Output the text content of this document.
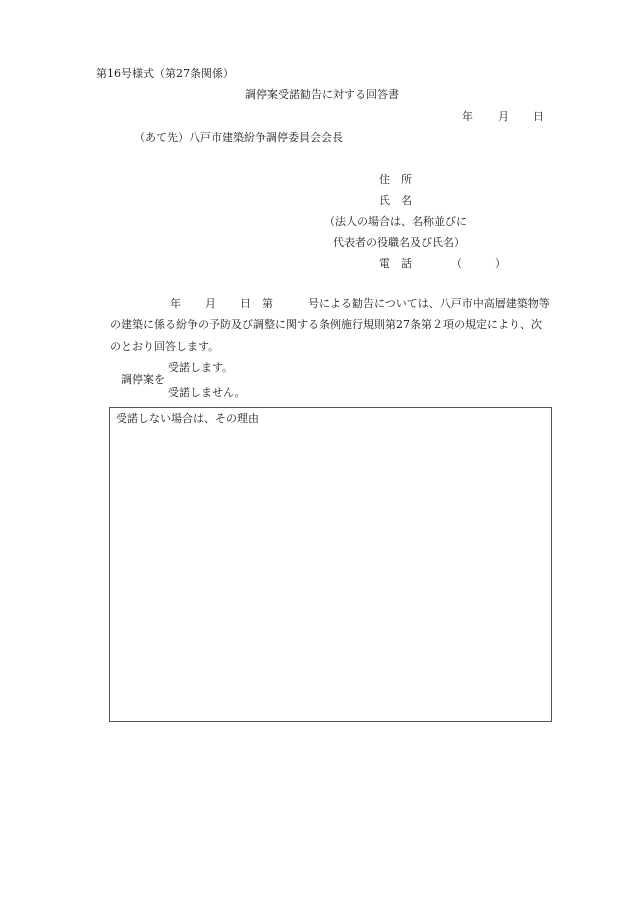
第16号様式（第27条関係）
調停案受諾勧告に対する回答書
年 月 日
（あて先）八戸市建築紛争調停委員会会長
住　所
氏　名
（法人の場合は、名称並びに
代表者の役職名及び氏名）
電　話	（　　　）
年 月 日 第	号による勧告については、八戸市中高層建築物等
の建築に係る紛争の予防及び調整に関する条例施行規則第27条第２項の規定により、次
のとおり回答します。
受諾します。
調停案を
受諾しません。
受諾しない場合は、その理由
